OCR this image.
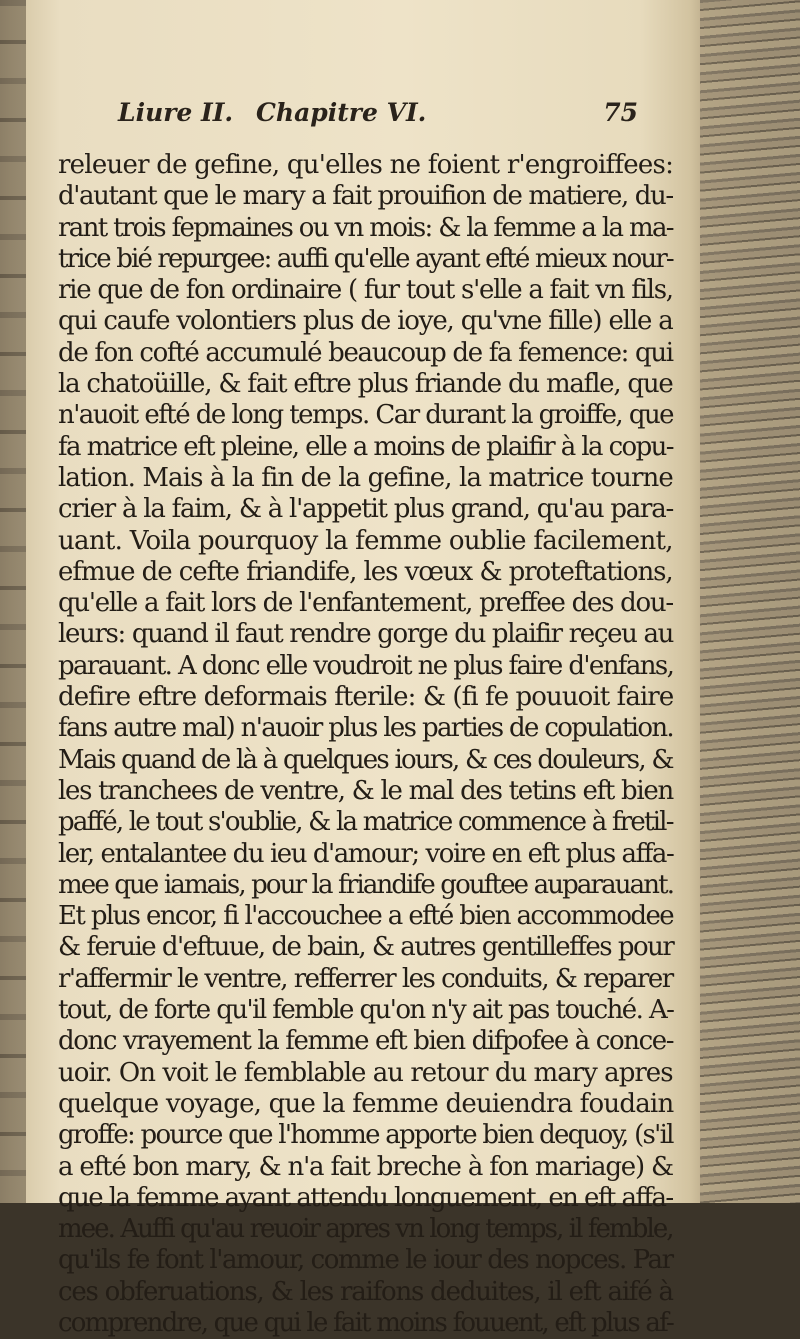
Liure II. Chapitre VI.	75
releuer de gefine, qu'elles ne foient r'engroiffees:
d'autant que le mary a fait prouifion de matiere, du-
rant trois fepmaines ou vn mois: & la femme a la ma-
trice bié repurgee: auffi qu'elle ayant efté mieux nour-
rie que de fon ordinaire ( fur tout s'elle a fait vn fils,
qui caufe volontiers plus de ioye, qu'vne fille) elle a
de fon cofté accumulé beaucoup de fa femence: qui
la chatoüille, & fait eftre plus friande du mafle, que
n'auoit efté de long temps. Car durant la groiffe, que
fa matrice eft pleine, elle a moins de plaifir à la copu-
lation. Mais à la fin de la gefine, la matrice tourne
crier à la faim, & à l'appetit plus grand, qu'au para-
uant. Voila pourquoy la femme oublie facilement,
efmue de cefte friandife, les vœux & proteftations,
qu'elle a fait lors de l'enfantement, preffee des dou-
leurs: quand il faut rendre gorge du plaifir reçeu au
parauant. A donc elle voudroit ne plus faire d'enfans,
defire eftre deformais fterile: & (fi fe pouuoit faire
fans autre mal) n'auoir plus les parties de copulation.
Mais quand de là à quelques iours, & ces douleurs, &
les tranchees de ventre, & le mal des tetins eft bien
paffé, le tout s'oublie, & la matrice commence à fretil-
ler, entalantee du ieu d'amour; voire en eft plus affa-
mee que iamais, pour la friandife gouftee auparauant.
Et plus encor, fi l'accouchee a efté bien accommodee
& feruie d'eftuue, de bain, & autres gentilleffes pour
r'affermir le ventre, refferrer les conduits, & reparer
tout, de forte qu'il femble qu'on n'y ait pas touché. A-
donc vrayement la femme eft bien difpofee à conce-
uoir. On voit le femblable au retour du mary apres
quelque voyage, que la femme deuiendra foudain
groffe: pource que l'homme apporte bien dequoy, (s'il
a efté bon mary, & n'a fait breche à fon mariage) &
que la femme ayant attendu longuement, en eft affa-
mee. Auffi qu'au reuoir apres vn long temps, il femble,
qu'ils fe font l'amour, comme le iour des nopces. Par
ces obferuations, & les raifons deduites, il eft aifé à
comprendre, que qui le fait moins fouuent, eft plus af-
